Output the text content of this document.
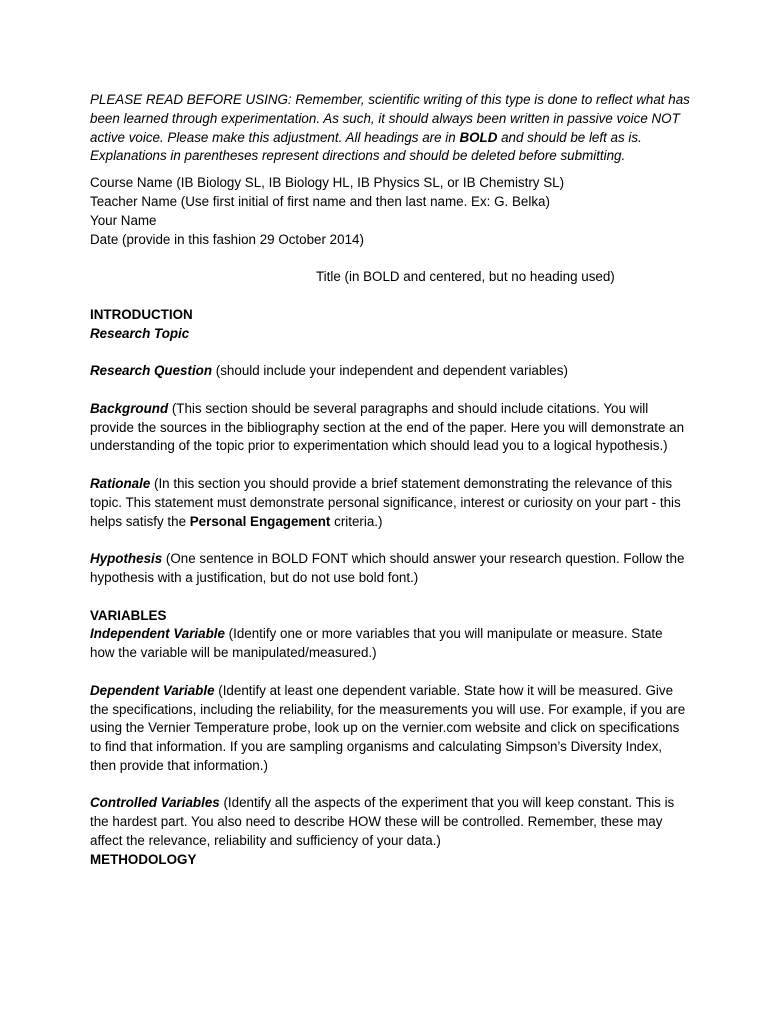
PLEASE READ BEFORE USING: Remember, scientific writing of this type is done to reflect what has been learned through experimentation. As such, it should always been written in passive voice NOT active voice. Please make this adjustment. All headings are in BOLD and should be left as is. Explanations in parentheses represent directions and should be deleted before submitting.

Course Name (IB Biology SL, IB Biology HL, IB Physics SL, or IB Chemistry SL)

Teacher Name (Use first initial of first name and then last name. Ex: G. Belka)

Your Name

Date (provide in this fashion 29 October 2014)

Title (in BOLD and centered, but no heading used)

INTRODUCTION

Research Topic

Research Question (should include your independent and dependent variables)

Background (This section should be several paragraphs and should include citations. You will provide the sources in the bibliography section at the end of the paper. Here you will demonstrate an understanding of the topic prior to experimentation which should lead you to a logical hypothesis.)

Rationale (In this section you should provide a brief statement demonstrating the relevance of this topic. This statement must demonstrate personal significance, interest or curiosity on your part - this helps satisfy the Personal Engagement criteria.)

Hypothesis (One sentence in BOLD FONT which should answer your research question. Follow the hypothesis with a justification, but do not use bold font.)

VARIABLES

Independent Variable (Identify one or more variables that you will manipulate or measure. State how the variable will be manipulated/measured.)

Dependent Variable (Identify at least one dependent variable. State how it will be measured. Give the specifications, including the reliability, for the measurements you will use. For example, if you are using the Vernier Temperature probe, look up on the vernier.com website and click on specifications to find that information. If you are sampling organisms and calculating Simpson’s Diversity Index, then provide that information.)

Controlled Variables (Identify all the aspects of the experiment that you will keep constant. This is the hardest part. You also need to describe HOW these will be controlled. Remember, these may affect the relevance, reliability and sufficiency of your data.)

METHODOLOGY
